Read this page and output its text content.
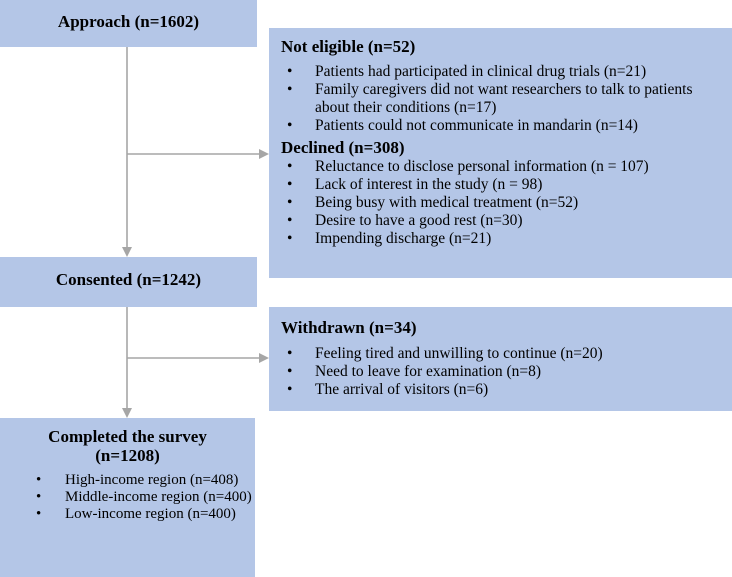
Approach (n=1602)
Not eligible (n=52)
• Patients had participated in clinical drug trials (n=21)
• Family caregivers did not want researchers to talk to patients about their conditions (n=17)
• Patients could not communicate in mandarin (n=14)
Declined (n=308)
• Reluctance to disclose personal information (n = 107)
• Lack of interest in the study (n = 98)
• Being busy with medical treatment (n=52)
• Desire to have a good rest (n=30)
• Impending discharge (n=21)
Consented (n=1242)
Withdrawn (n=34)
• Feeling tired and unwilling to continue (n=20)
• Need to leave for examination (n=8)
• The arrival of visitors (n=6)
Completed the survey
(n=1208)
• High-income region (n=408)
• Middle-income region (n=400)
• Low-income region (n=400)
